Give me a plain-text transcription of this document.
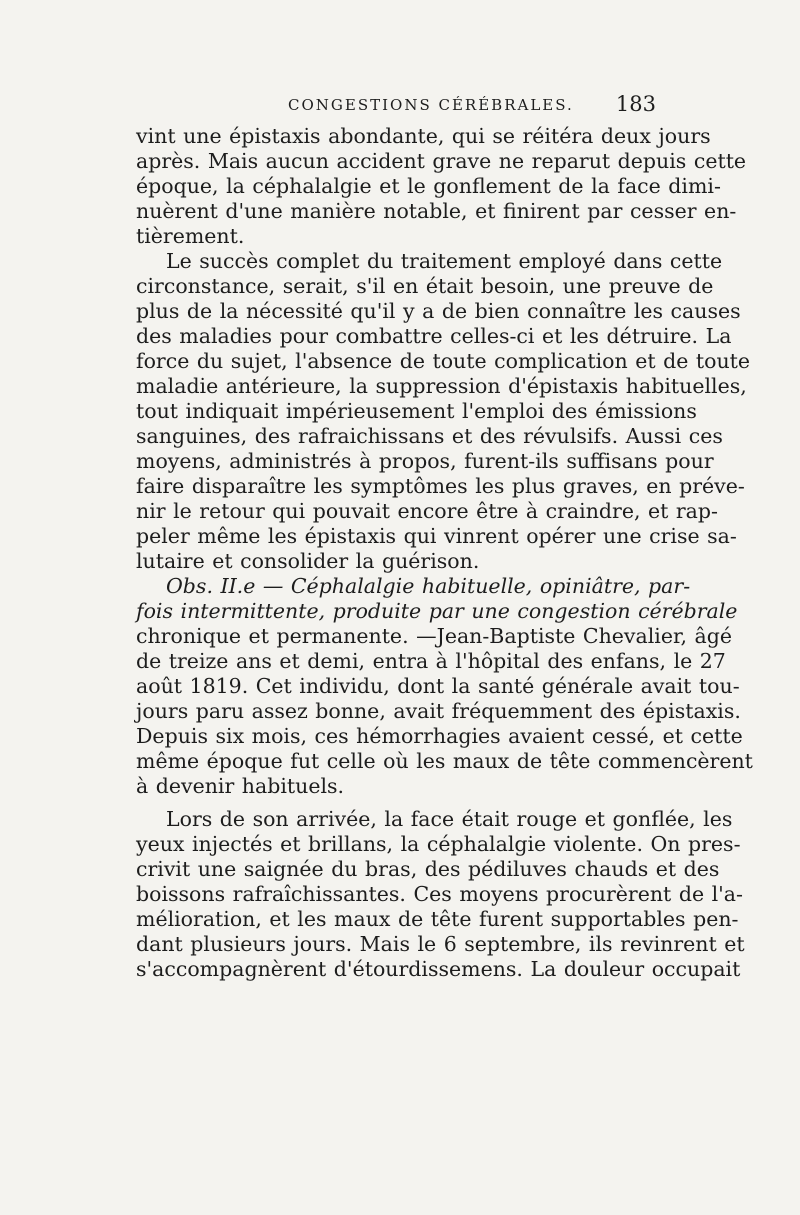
CONGESTIONS CÉRÉBRALES. 183
vint une épistaxis abondante, qui se réitéra deux jours
après. Mais aucun accident grave ne reparut depuis cette
époque, la céphalalgie et le gonflement de la face dimi-
nuèrent d'une manière notable, et finirent par cesser en-
tièrement.
Le succès complet du traitement employé dans cette
circonstance, serait, s'il en était besoin, une preuve de
plus de la nécessité qu'il y a de bien connaître les causes
des maladies pour combattre celles-ci et les détruire. La
force du sujet, l'absence de toute complication et de toute
maladie antérieure, la suppression d'épistaxis habituelles,
tout indiquait impérieusement l'emploi des émissions
sanguines, des rafraichissans et des révulsifs. Aussi ces
moyens, administrés à propos, furent-ils suffisans pour
faire disparaître les symptômes les plus graves, en préve-
nir le retour qui pouvait encore être à craindre, et rap-
peler même les épistaxis qui vinrent opérer une crise sa-
lutaire et consolider la guérison.
Obs. II.e — Céphalalgie habituelle, opiniâtre, par-
fois intermittente, produite par une congestion cérébrale
chronique et permanente. —Jean-Baptiste Chevalier, âgé
de treize ans et demi, entra à l'hôpital des enfans, le 27
août 1819. Cet individu, dont la santé générale avait tou-
jours paru assez bonne, avait fréquemment des épistaxis.
Depuis six mois, ces hémorrhagies avaient cessé, et cette
même époque fut celle où les maux de tête commencèrent
à devenir habituels.
Lors de son arrivée, la face était rouge et gonflée, les
yeux injectés et brillans, la céphalalgie violente. On pres-
crivit une saignée du bras, des pédiluves chauds et des
boissons rafraîchissantes. Ces moyens procurèrent de l'a-
mélioration, et les maux de tête furent supportables pen-
dant plusieurs jours. Mais le 6 septembre, ils revinrent et
s'accompagnèrent d'étourdissemens. La douleur occupait
